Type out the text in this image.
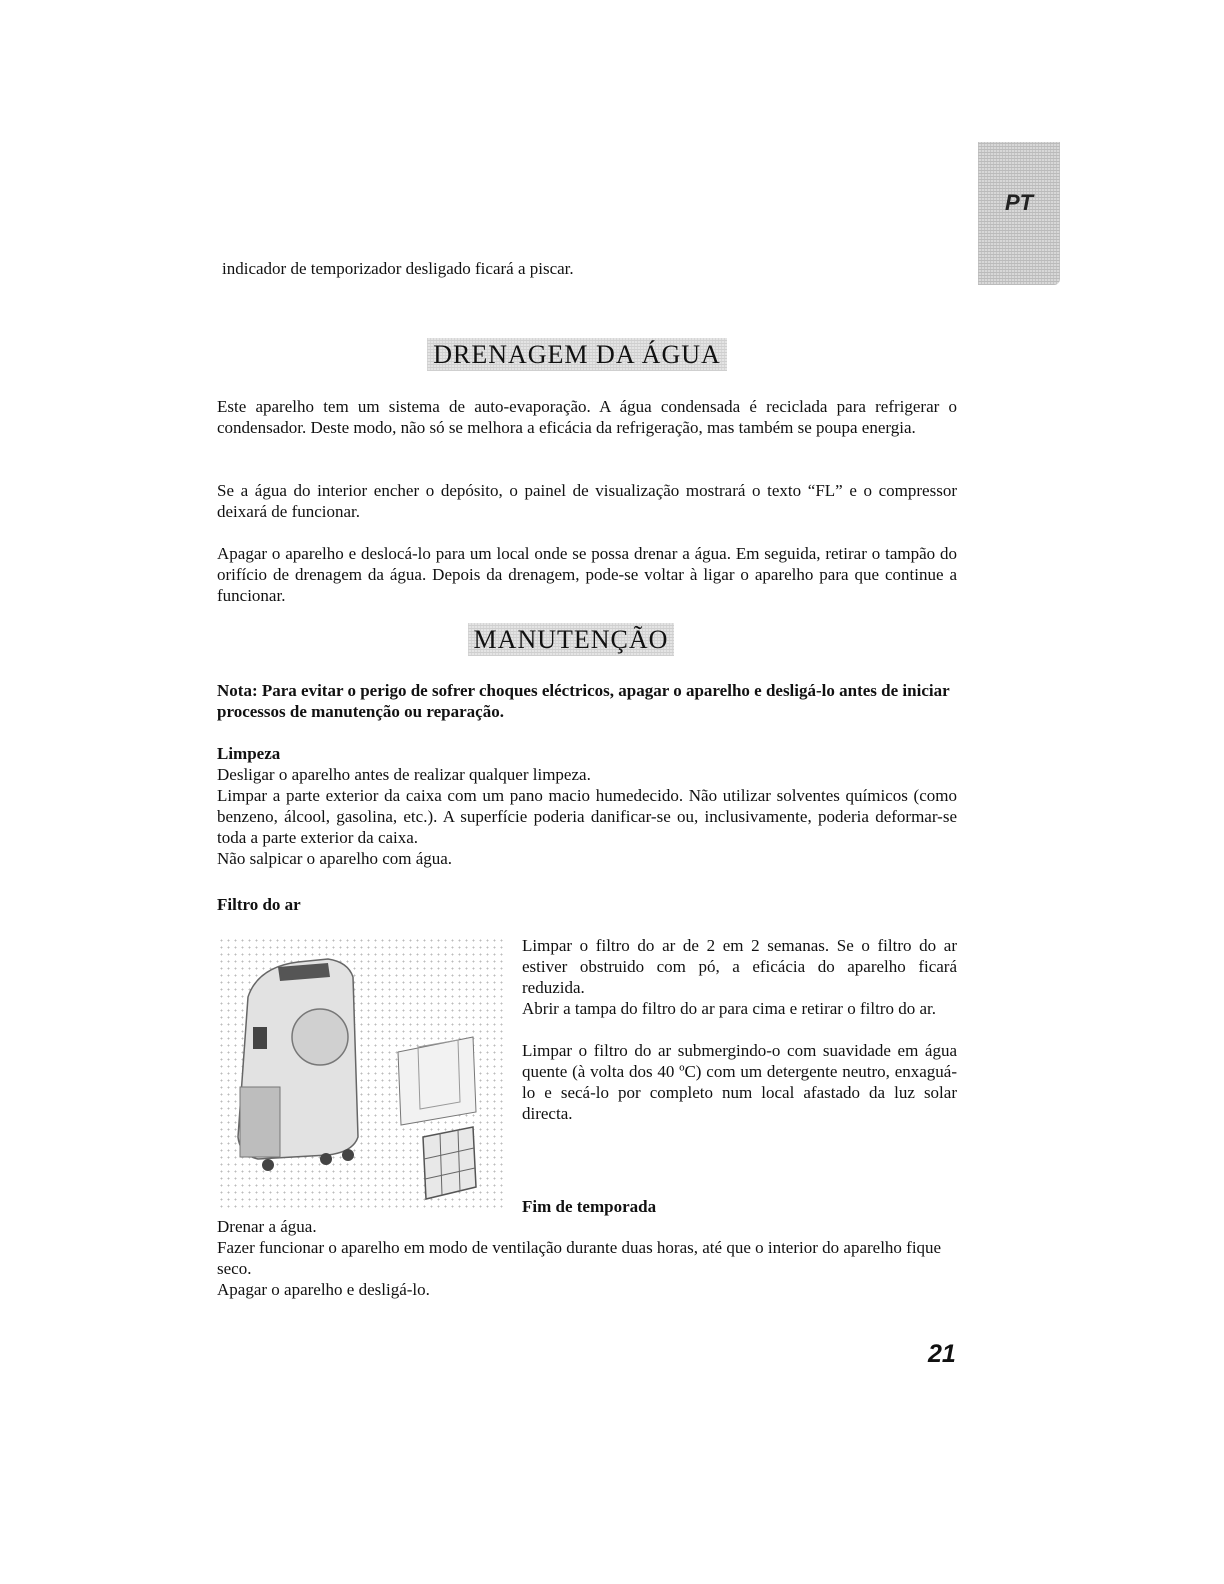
PT
indicador de temporizador desligado ficará a piscar.
DRENAGEM DA ÁGUA
Este aparelho tem um sistema de auto-evaporação. A água condensada é reciclada para refrigerar o condensador. Deste modo, não só se melhora a eficácia da refrigeração, mas também se poupa energia.
Se a água do interior encher o depósito, o painel de visualização mostrará o texto “FL” e o compressor deixará de funcionar.
Apagar o aparelho e deslocá-lo para um local onde se possa drenar a água. Em seguida, retirar o tampão do orifício de drenagem da água. Depois da drenagem, pode-se voltar à ligar o aparelho para que continue a funcionar.
MANUTENÇÃO
Nota: Para evitar o perigo de sofrer choques eléctricos, apagar o aparelho e desligá-lo antes de iniciar processos de manutenção ou reparação.
Limpeza
Desligar o aparelho antes de realizar qualquer limpeza.
Limpar a parte exterior da caixa com um pano macio humedecido. Não utilizar solventes químicos (como benzeno, álcool, gasolina, etc.). A superfície poderia danificar-se ou, inclusivamente, poderia deformar-se toda a parte exterior da caixa.
Não salpicar o aparelho com água.
Filtro do ar
Limpar o filtro do ar de 2 em 2 semanas. Se o filtro do ar estiver obstruido com pó, a eficácia do aparelho ficará reduzida.
Abrir a tampa do filtro do ar para cima e retirar o filtro do ar.
Limpar o filtro do ar submergindo-o com suavidade em água quente (à volta dos 40 ºC) com um detergente neutro, enxaguá-lo e secá-lo por completo num local afastado da luz solar directa.
Fim de temporada
Drenar a água.
Fazer funcionar o aparelho em modo de ventilação durante duas horas, até que o interior do aparelho fique seco.
Apagar o aparelho e desligá-lo.
21
